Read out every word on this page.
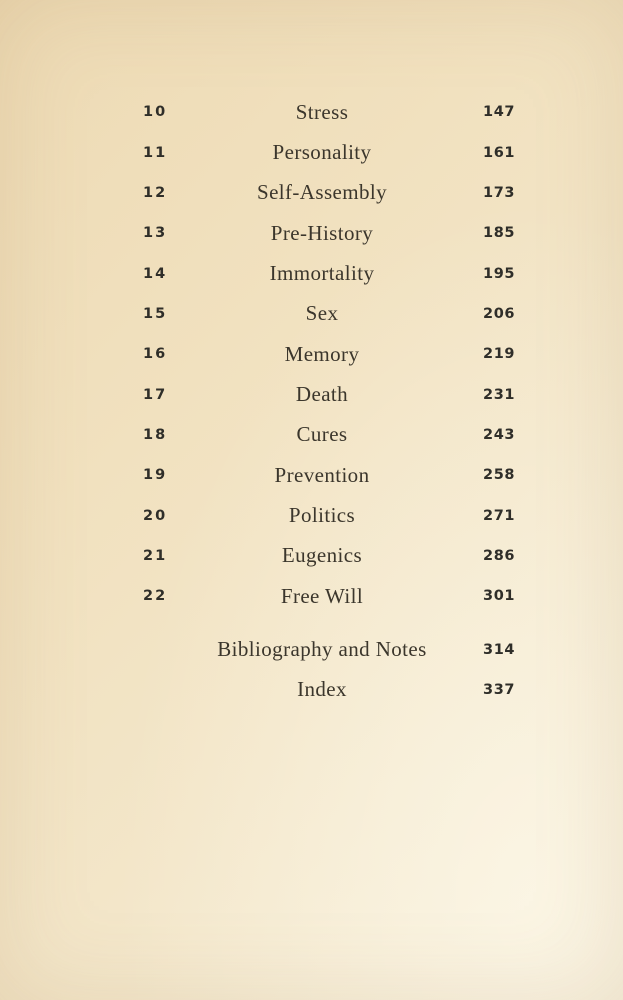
10	Stress	147
11	Personality	161
12	Self-Assembly	173
13	Pre-History	185
14	Immortality	195
15	Sex	206
16	Memory	219
17	Death	231
18	Cures	243
19	Prevention	258
20	Politics	271
21	Eugenics	286
22	Free Will	301
Bibliography and Notes	314
Index	337
